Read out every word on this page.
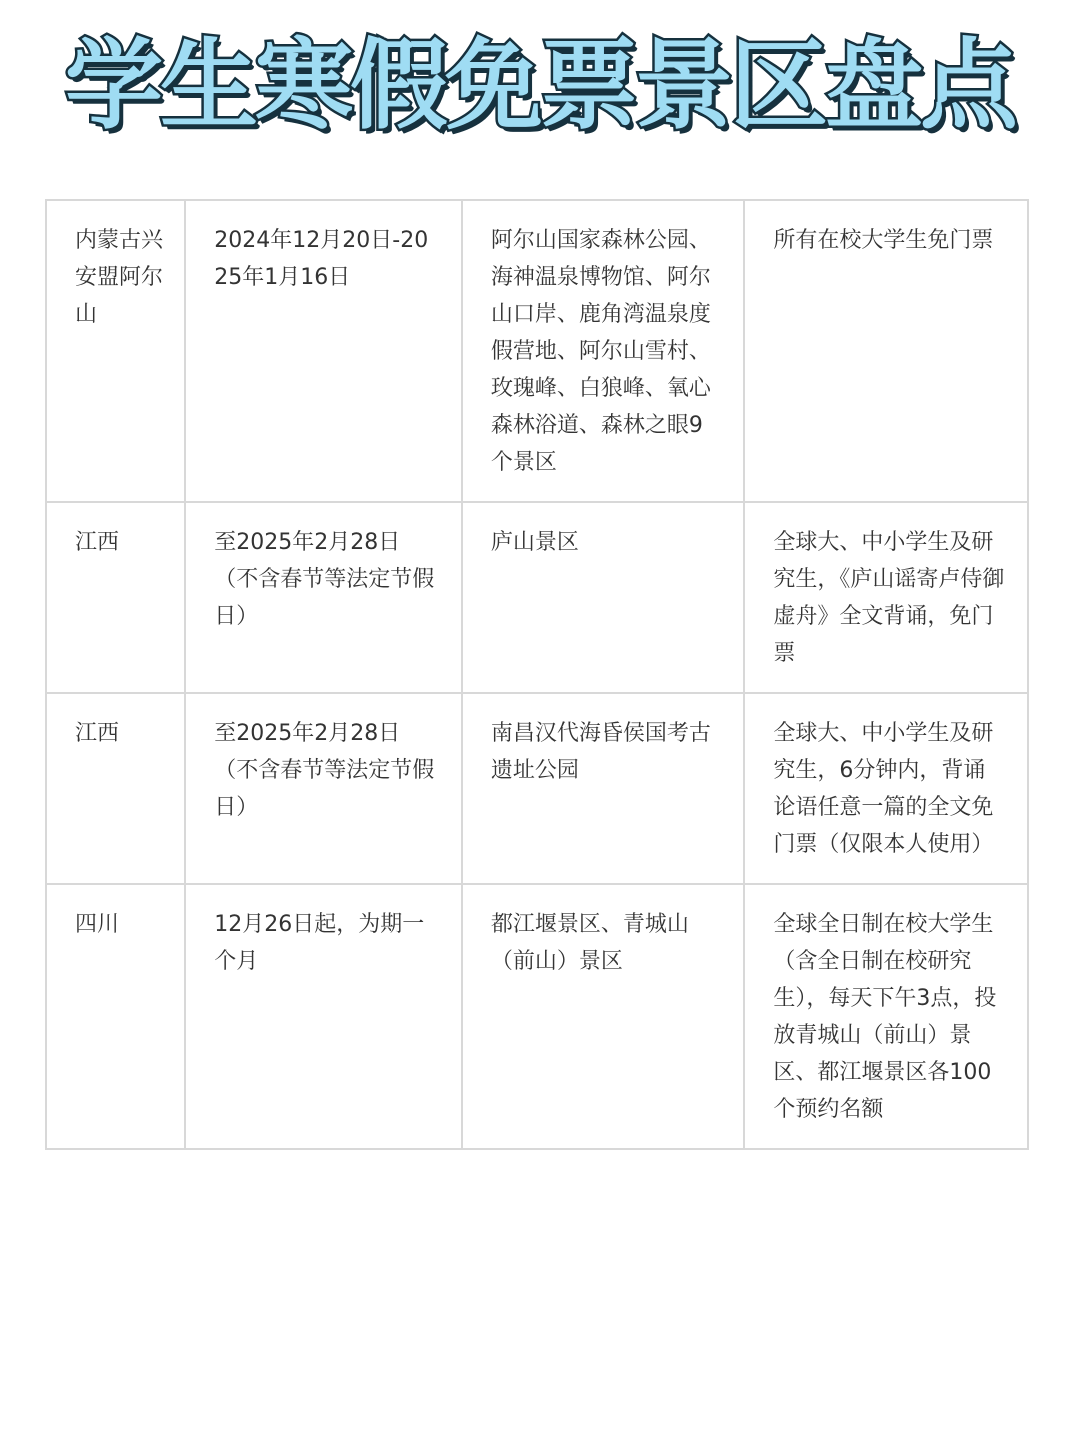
学生寒假免票景区盘点
内蒙古兴安盟阿尔山	2024年12月20日-2025年1月16日	阿尔山国家森林公园、海神温泉博物馆、阿尔山口岸、鹿角湾温泉度假营地、阿尔山雪村、玫瑰峰、白狼峰、氧心森林浴道、森林之眼9个景区	所有在校大学生免门票
江西	至2025年2月28日（不含春节等法定节假日）	庐山景区	全球大、中小学生及研究生，《庐山谣寄卢侍御虚舟》全文背诵，免门票
江西	至2025年2月28日（不含春节等法定节假日）	南昌汉代海昏侯国考古遗址公园	全球大、中小学生及研究生，6分钟内，背诵论语任意一篇的全文免门票（仅限本人使用）
四川	12月26日起，为期一个月	都江堰景区、青城山（前山）景区	全球全日制在校大学生（含全日制在校研究生），每天下午3点，投放青城山（前山）景区、都江堰景区各100个预约名额
